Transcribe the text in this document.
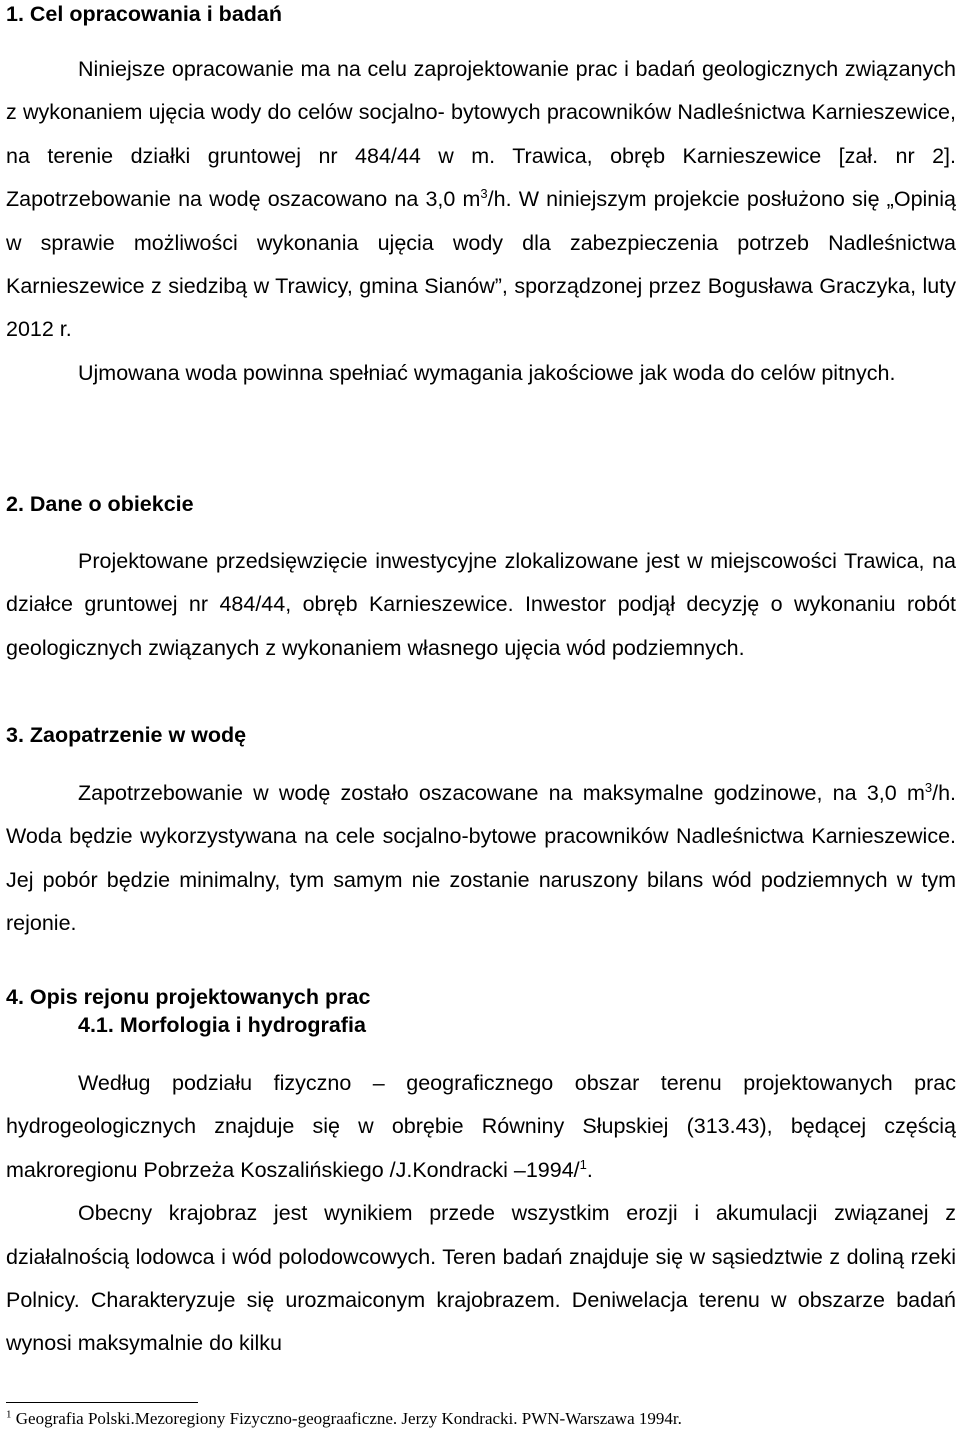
1. Cel opracowania i badań

Niniejsze opracowanie ma na celu zaprojektowanie prac i badań geologicznych związanych z wykonaniem ujęcia wody do celów socjalno- bytowych pracowników Nadleśnictwa Karnieszewice, na terenie działki gruntowej nr 484/44 w m. Trawica, obręb Karnieszewice [zał. nr 2]. Zapotrzebowanie na wodę oszacowano na 3,0 $m^3/h$. W niniejszym projekcie posłużono się „Opinią w sprawie możliwości wykonania ujęcia wody dla zabezpieczenia potrzeb Nadleśnictwa Karnieszewice z siedzibą w Trawicy, gmina Sianów”, sporządzonej przez Bogusława Graczyka, luty 2012 r.

Ujmowana woda powinna spełniać wymagania jakościowe jak woda do celów pitnych.

2. Dane o obiekcie

Projektowane przedsięwzięcie inwestycyjne zlokalizowane jest w miejscowości Trawica, na działce gruntowej nr 484/44, obręb Karnieszewice. Inwestor podjął decyzję o wykonaniu robót geologicznych związanych z wykonaniem własnego ujęcia wód podziemnych.

3. Zaopatrzenie w wodę

Zapotrzebowanie w wodę zostało oszacowane na maksymalne godzinowe, na 3,0 $m^3/h$. Woda będzie wykorzystywana na cele socjalno-bytowe pracowników Nadleśnictwa Karnieszewice. Jej pobór będzie minimalny, tym samym nie zostanie naruszony bilans wód podziemnych w tym rejonie.

4. Opis rejonu projektowanych prac
4.1. Morfologia i hydrografia

Według podziału fizyczno – geograficznego obszar terenu projektowanych prac hydrogeologicznych znajduje się w obrębie Równiny Słupskiej (313.43), będącej częścią makroregionu Pobrzeża Koszalińskiego /J.Kondracki –1994/$^1$.

Obecny krajobraz jest wynikiem przede wszystkim erozji i akumulacji związanej z działalnością lodowca i wód polodowcowych. Teren badań znajduje się w sąsiedztwie z doliną rzeki Polnicy. Charakteryzuje się urozmaiconym krajobrazem. Deniwelacja terenu w obszarze badań wynosi maksymalnie do kilku

$^1$ Geografia Polski.Mezoregiony Fizyczno-geograaficzne. Jerzy Kondracki. PWN-Warszawa 1994r.
